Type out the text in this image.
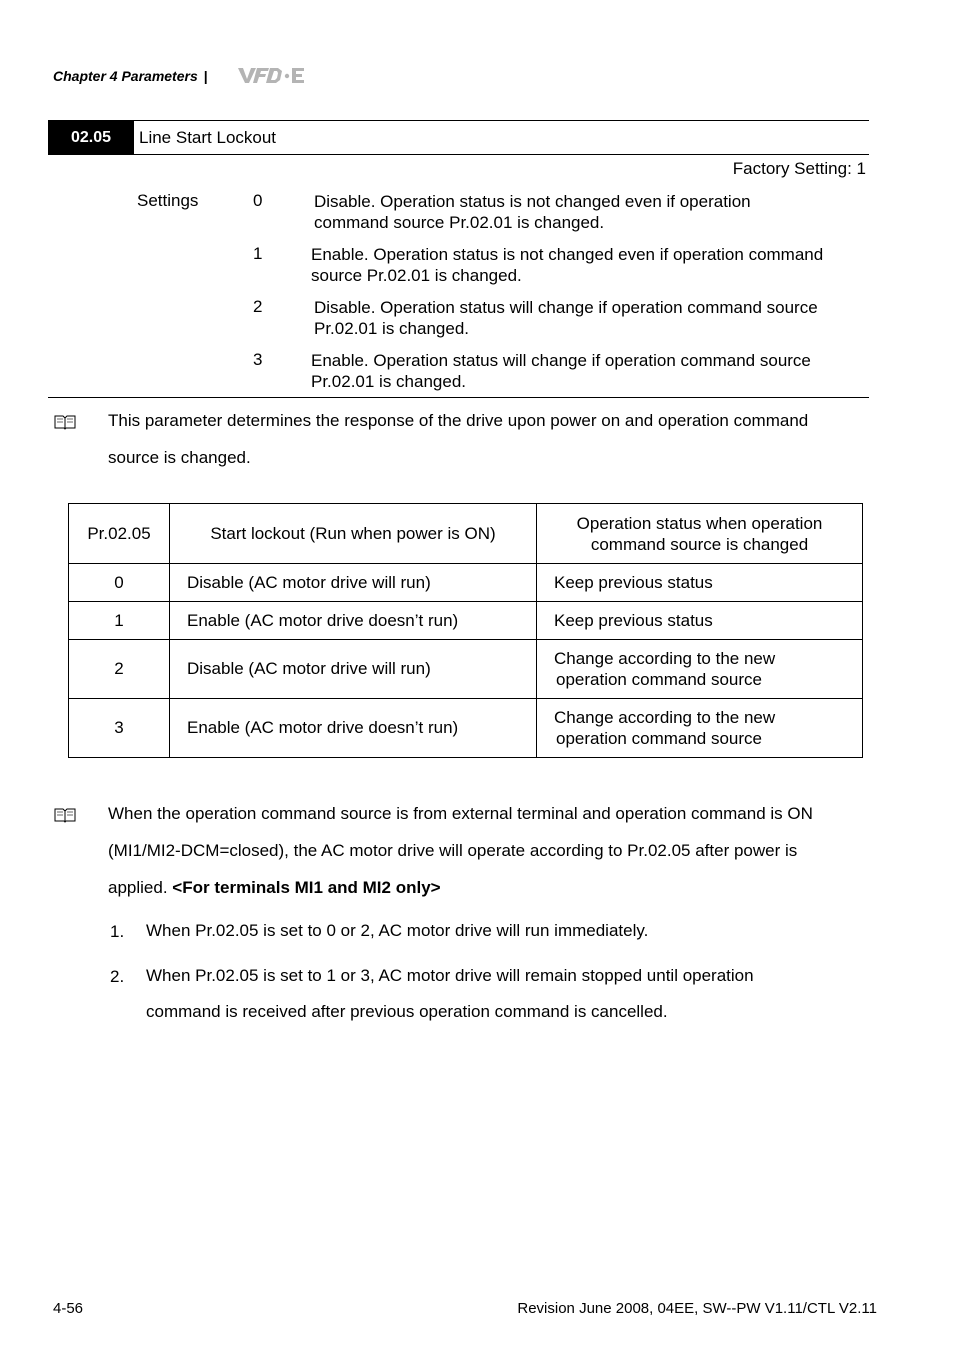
Chapter 4 Parameters |
02.05	Line Start Lockout
Factory Setting: 1
Settings	0	Disable. Operation status is not changed even if operation
command source Pr.02.01 is changed.
1	Enable. Operation status is not changed even if operation command
source Pr.02.01 is changed.
2	Disable. Operation status will change if operation command source
Pr.02.01 is changed.
3	Enable. Operation status will change if operation command source
Pr.02.01 is changed.
This parameter determines the response of the drive upon power on and operation command
source is changed.
Pr.02.05	Start lockout (Run when power is ON)	Operation status when operation
command source is changed

0	Disable (AC motor drive will run)	Keep previous status
1	Enable (AC motor drive doesn’t run)	Keep previous status
2	Disable (AC motor drive will run)	Change according to the new
operation command source

3	Enable (AC motor drive doesn’t run)	Change according to the new
operation command source
When the operation command source is from external terminal and operation command is ON
(MI1/MI2-DCM=closed), the AC motor drive will operate according to Pr.02.05 after power is
applied. <For terminals MI1 and MI2 only>
1. When Pr.02.05 is set to 0 or 2, AC motor drive will run immediately.
2. When Pr.02.05 is set to 1 or 3, AC motor drive will remain stopped until operation
command is received after previous operation command is cancelled.
4-56	Revision June 2008, 04EE, SW--PW V1.11/CTL V2.11
